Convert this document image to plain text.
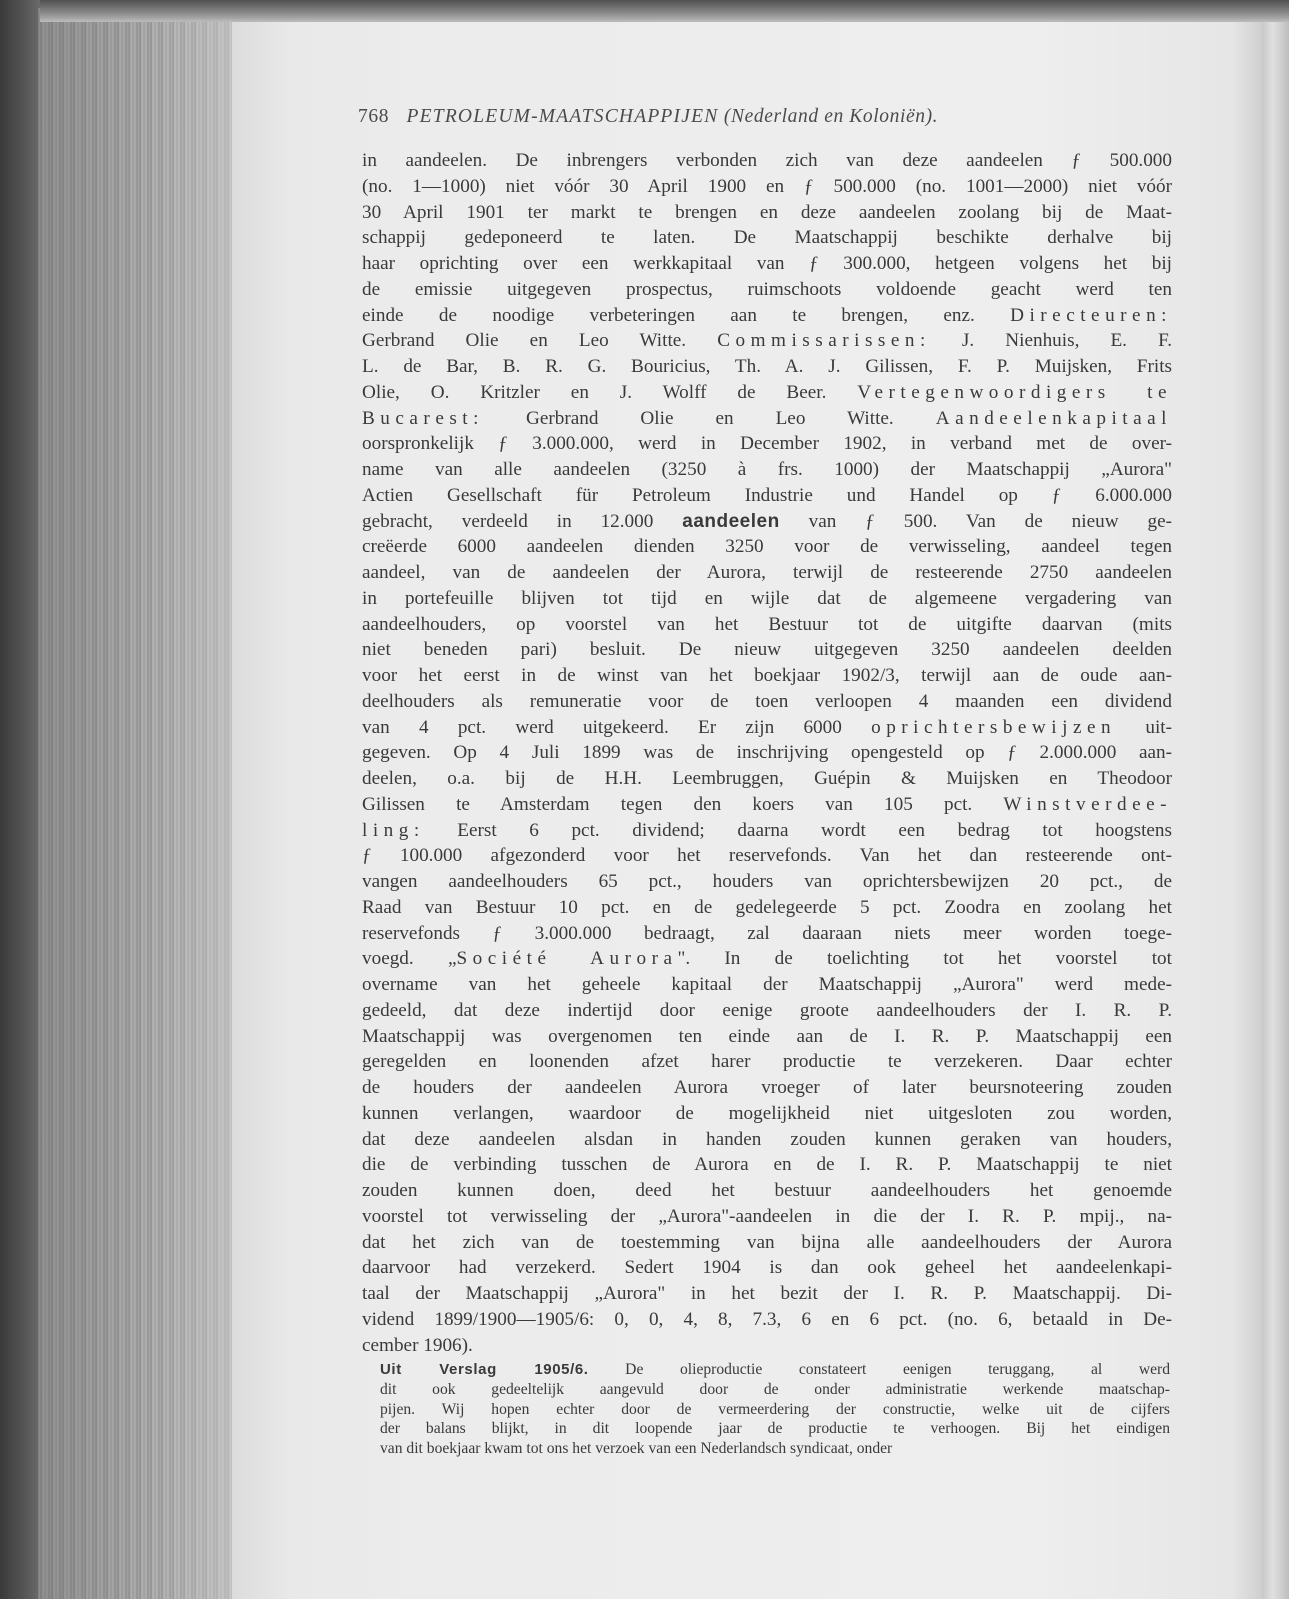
768 PETROLEUM-MAATSCHAPPIJEN (Nederland en Koloniën).
in aandeelen. De inbrengers verbonden zich van deze aandeelen ƒ 500.000
(no. 1—1000) niet vóór 30 April 1900 en ƒ 500.000 (no. 1001—2000) niet vóór
30 April 1901 ter markt te brengen en deze aandeelen zoolang bij de Maat-
schappij gedeponeerd te laten. De Maatschappij beschikte derhalve bij
haar oprichting over een werkkapitaal van ƒ 300.000, hetgeen volgens het bij
de emissie uitgegeven prospectus, ruimschoots voldoende geacht werd ten
einde de noodige verbeteringen aan te brengen, enz. Directeuren:
Gerbrand Olie en Leo Witte. Commissarissen: J. Nienhuis, E. F.
L. de Bar, B. R. G. Bouricius, Th. A. J. Gilissen, F. P. Muijsken, Frits
Olie, O. Kritzler en J. Wolff de Beer. Vertegenwoordigers te
Bucarest: Gerbrand Olie en Leo Witte. Aandeelenkapitaal
oorspronkelijk ƒ 3.000.000, werd in December 1902, in verband met de over-
name van alle aandeelen (3250 à frs. 1000) der Maatschappij „Aurora"
Actien Gesellschaft für Petroleum Industrie und Handel op ƒ 6.000.000
gebracht, verdeeld in 12.000 aandeelen van ƒ 500. Van de nieuw ge-
creëerde 6000 aandeelen dienden 3250 voor de verwisseling, aandeel tegen
aandeel, van de aandeelen der Aurora, terwijl de resteerende 2750 aandeelen
in portefeuille blijven tot tijd en wijle dat de algemeene vergadering van
aandeelhouders, op voorstel van het Bestuur tot de uitgifte daarvan (mits
niet beneden pari) besluit. De nieuw uitgegeven 3250 aandeelen deelden
voor het eerst in de winst van het boekjaar 1902/3, terwijl aan de oude aan-
deelhouders als remuneratie voor de toen verloopen 4 maanden een dividend
van 4 pct. werd uitgekeerd. Er zijn 6000 oprichtersbewijzen uit-
gegeven. Op 4 Juli 1899 was de inschrijving opengesteld op ƒ 2.000.000 aan-
deelen, o.a. bij de H.H. Leembruggen, Guépin & Muijsken en Theodoor
Gilissen te Amsterdam tegen den koers van 105 pct. Winstverdee-
ling: Eerst 6 pct. dividend; daarna wordt een bedrag tot hoogstens
ƒ 100.000 afgezonderd voor het reservefonds. Van het dan resteerende ont-
vangen aandeelhouders 65 pct., houders van oprichtersbewijzen 20 pct., de
Raad van Bestuur 10 pct. en de gedelegeerde 5 pct. Zoodra en zoolang het
reservefonds ƒ 3.000.000 bedraagt, zal daaraan niets meer worden toege-
voegd. „Société Aurora". In de toelichting tot het voorstel tot
overname van het geheele kapitaal der Maatschappij „Aurora" werd mede-
gedeeld, dat deze indertijd door eenige groote aandeelhouders der I. R. P.
Maatschappij was overgenomen ten einde aan de I. R. P. Maatschappij een
geregelden en loonenden afzet harer productie te verzekeren. Daar echter
de houders der aandeelen Aurora vroeger of later beursnoteering zouden
kunnen verlangen, waardoor de mogelijkheid niet uitgesloten zou worden,
dat deze aandeelen alsdan in handen zouden kunnen geraken van houders,
die de verbinding tusschen de Aurora en de I. R. P. Maatschappij te niet
zouden kunnen doen, deed het bestuur aandeelhouders het genoemde
voorstel tot verwisseling der „Aurora"-aandeelen in die der I. R. P. mpij., na-
dat het zich van de toestemming van bijna alle aandeelhouders der Aurora
daarvoor had verzekerd. Sedert 1904 is dan ook geheel het aandeelenkapi-
taal der Maatschappij „Aurora" in het bezit der I. R. P. Maatschappij. Di-
vidend 1899/1900—1905/6: 0, 0, 4, 8, 7.3, 6 en 6 pct. (no. 6, betaald in De-
cember 1906).
Uit Verslag 1905/6. De olieproductie constateert eenigen teruggang, al werd
dit ook gedeeltelijk aangevuld door de onder administratie werkende maatschap-
pijen. Wij hopen echter door de vermeerdering der constructie, welke uit de cijfers
der balans blijkt, in dit loopende jaar de productie te verhoogen. Bij het eindigen
van dit boekjaar kwam tot ons het verzoek van een Nederlandsch syndicaat, onder
